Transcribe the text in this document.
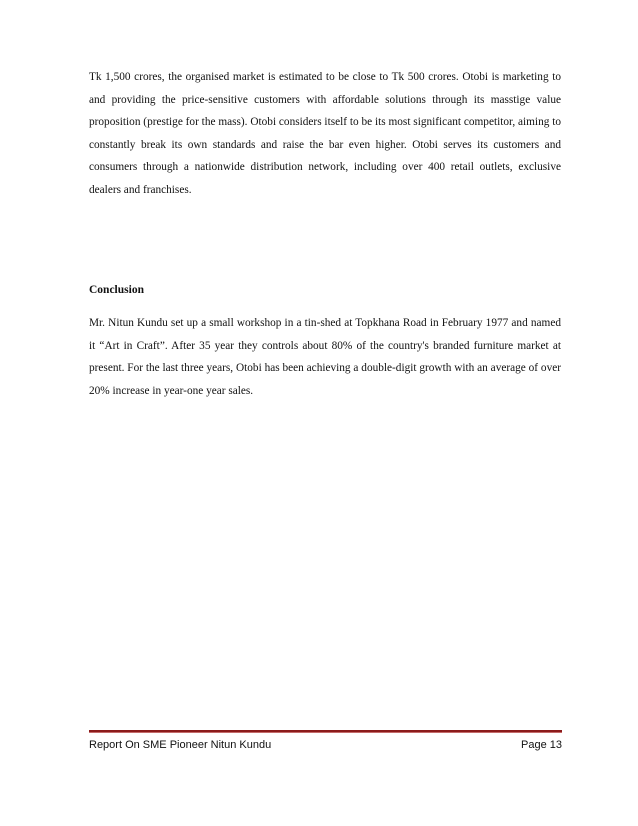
Tk 1,500 crores, the organised market is estimated to be close to Tk 500 crores. Otobi is marketing to and providing the price-sensitive customers with affordable solutions through its masstige value proposition (prestige for the mass). Otobi considers itself to be its most significant competitor, aiming to constantly break its own standards and raise the bar even higher. Otobi serves its customers and consumers through a nationwide distribution network, including over 400 retail outlets, exclusive dealers and franchises.

Conclusion

Mr. Nitun Kundu set up a small workshop in a tin-shed at Topkhana Road in February 1977 and named it “Art in Craft”. After 35 year they controls about 80% of the country's branded furniture market at present. For the last three years, Otobi has been achieving a double-digit growth with an average of over 20% increase in year-one year sales.

Report On SME Pioneer Nitun Kundu	Page 13
